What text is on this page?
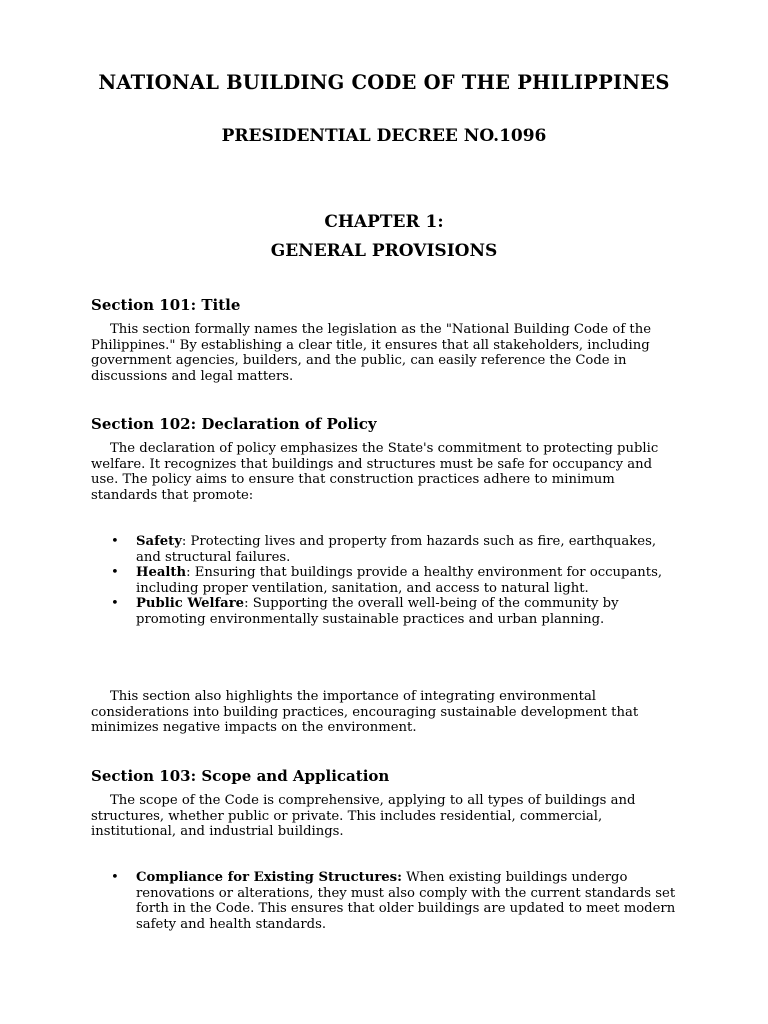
NATIONAL BUILDING CODE OF THE PHILIPPINES
PRESIDENTIAL DECREE NO.1096
CHAPTER 1:
GENERAL PROVISIONS
Section 101: Title

This section formally names the legislation as the "National Building Code of the Philippines." By establishing a clear title, it ensures that all stakeholders, including government agencies, builders, and the public, can easily reference the Code in discussions and legal matters.

Section 102: Declaration of Policy

The declaration of policy emphasizes the State's commitment to protecting public welfare. It recognizes that buildings and structures must be safe for occupancy and use. The policy aims to ensure that construction practices adhere to minimum standards that promote:

• Safety: Protecting lives and property from hazards such as fire, earthquakes, and structural failures.
• Health: Ensuring that buildings provide a healthy environment for occupants, including proper ventilation, sanitation, and access to natural light.
• Public Welfare: Supporting the overall well-being of the community by promoting environmentally sustainable practices and urban planning.

This section also highlights the importance of integrating environmental considerations into building practices, encouraging sustainable development that minimizes negative impacts on the environment.

Section 103: Scope and Application

The scope of the Code is comprehensive, applying to all types of buildings and structures, whether public or private. This includes residential, commercial, institutional, and industrial buildings.

• Compliance for Existing Structures: When existing buildings undergo renovations or alterations, they must also comply with the current standards set forth in the Code. This ensures that older buildings are updated to meet modern safety and health standards.
